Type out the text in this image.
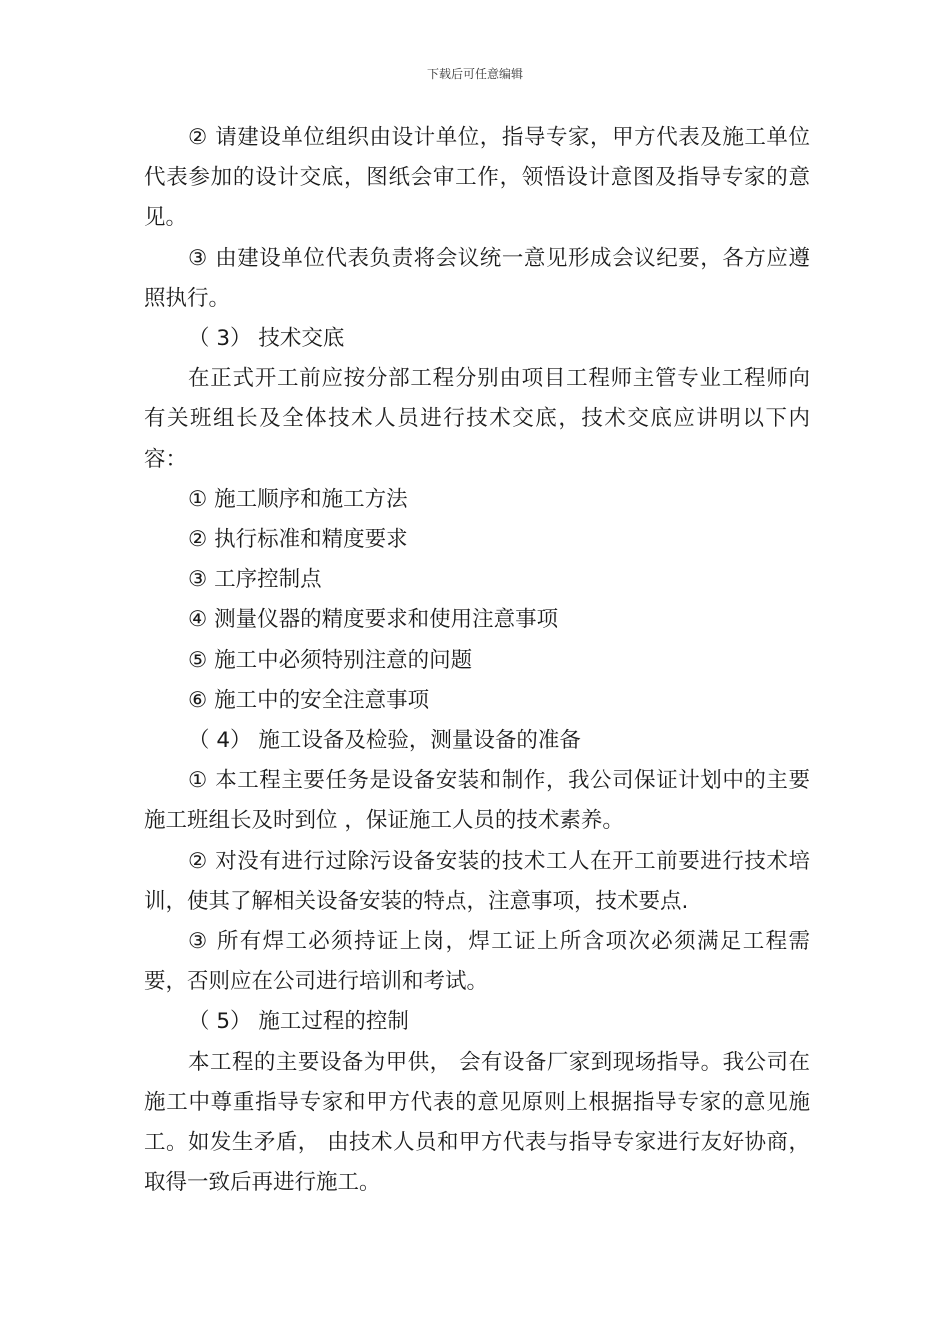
下载后可任意编辑

② 请建设单位组织由设计单位，指导专家，甲方代表及施工单位代表参加的设计交底，图纸会审工作，领悟设计意图及指导专家的意见。

③ 由建设单位代表负责将会议统一意见形成会议纪要，各方应遵照执行。

（ 3） 技术交底

在正式开工前应按分部工程分别由项目工程师主管专业工程师向有关班组长及全体技术人员进行技术交底，技术交底应讲明以下内容：

① 施工顺序和施工方法

② 执行标准和精度要求

③ 工序控制点

④ 测量仪器的精度要求和使用注意事项

⑤ 施工中必须特别注意的问题

⑥ 施工中的安全注意事项

（ 4） 施工设备及检验，测量设备的准备

① 本工程主要任务是设备安装和制作，我公司保证计划中的主要施工班组长及时到位 ，保证施工人员的技术素养。

② 对没有进行过除污设备安装的技术工人在开工前要进行技术培训，使其了解相关设备安装的特点，注意事项，技术要点.

③ 所有焊工必须持证上岗，焊工证上所含项次必须满足工程需要，否则应在公司进行培训和考试。

（ 5） 施工过程的控制

本工程的主要设备为甲供， 会有设备厂家到现场指导。我公司在施工中尊重指导专家和甲方代表的意见原则上根据指导专家的意见施工。如发生矛盾， 由技术人员和甲方代表与指导专家进行友好协商， 取得一致后再进行施工。
